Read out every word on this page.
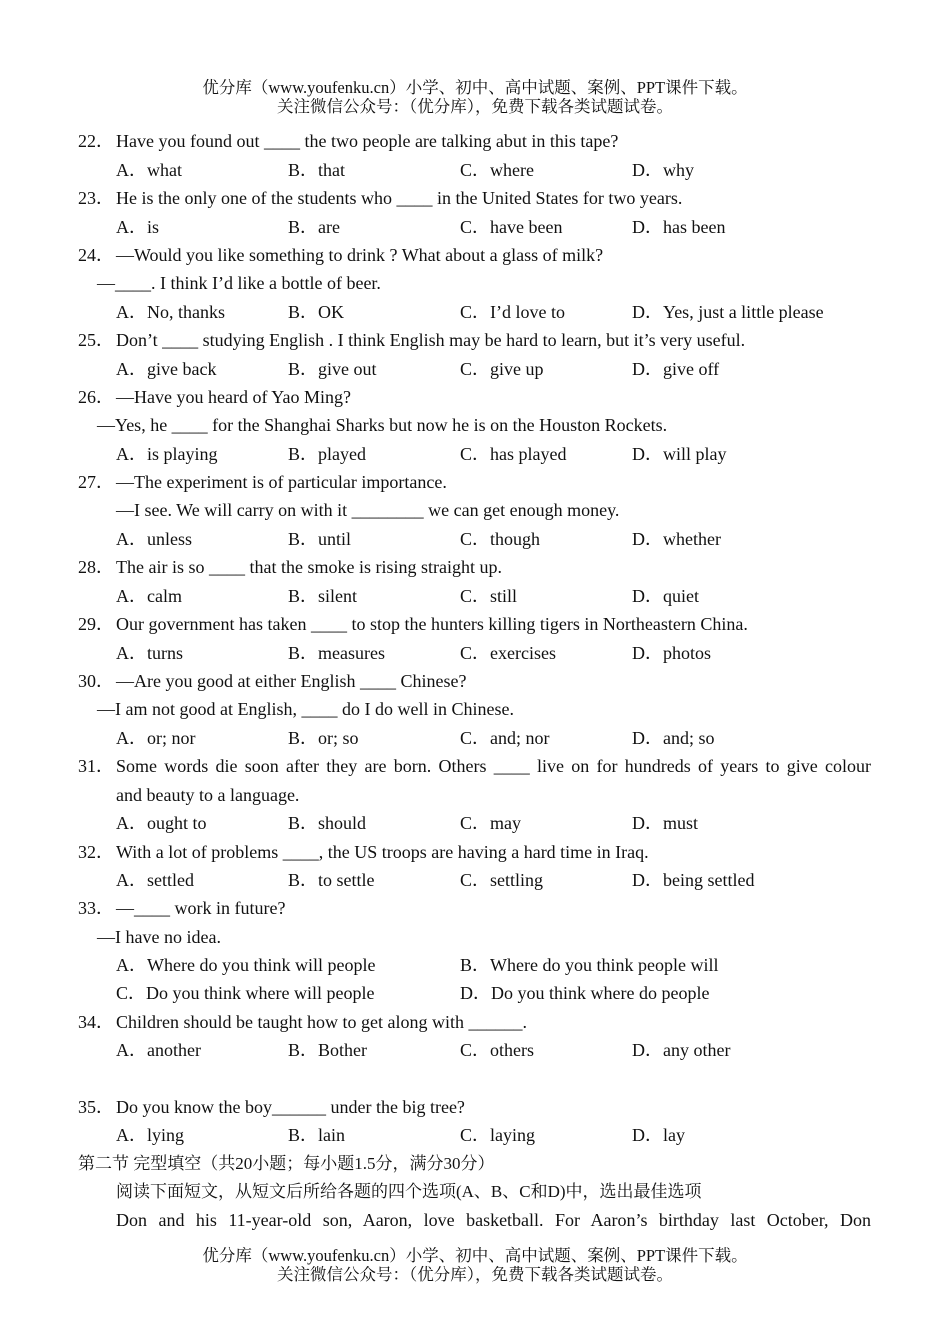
优分库（www.youfenku.cn）小学、初中、高中试题、案例、PPT课件下载。
关注微信公众号：（优分库），免费下载各类试题试卷。
22． Have you found out ____ the two people are talking abut in this tape?
A．what	B．that	C．where	D．why
23． He is the only one of the students who ____ in the United States for two years.
A．is	B．are	C．have been	D．has been
24． —Would you like something to drink ? What about a glass of milk?
—____. I think I’d like a bottle of beer.
A．No, thanks	B．OK	C．I’d love to	D．Yes, just a little please
25． Don’t ____ studying English . I think English may be hard to learn, but it’s very useful.
A．give back	B．give out	C．give up	D．give off
26． —Have you heard of Yao Ming?
—Yes, he ____ for the Shanghai Sharks but now he is on the Houston Rockets.
A．is playing	B．played	C．has played	D．will play
27． —The experiment is of particular importance.
—I see. We will carry on with it ________ we can get enough money.
A．unless	B．until	C．though	D．whether
28． The air is so ____ that the smoke is rising straight up.
A．calm	B．silent	C．still	D．quiet
29． Our government has taken ____ to stop the hunters killing tigers in Northeastern China.
A．turns	B．measures	C．exercises	D．photos
30． —Are you good at either English ____ Chinese?
—I am not good at English, ____ do I do well in Chinese.
A．or; nor	B．or; so	C．and; nor	D．and; so
31． Some words die soon after they are born. Others ____ live on for hundreds of years to give colour
and beauty to a language.
A．ought to	B．should	C．may	D．must
32． With a lot of problems ____, the US troops are having a hard time in Iraq.
A．settled	B．to settle	C．settling	D．being settled
33． —____ work in future?
—I have no idea.
A．Where do you think will people	B．Where do you think people will
C．Do you think where will people	D．Do you think where do people
34． Children should be taught how to get along with ______.
A．another	B．Bother	C．others	D．any other
35． Do you know the boy______ under the big tree?
A．lying	B．lain	C．laying	D．lay
第二节 完型填空（共20小题；每小题1.5分，满分30分）
阅读下面短文，从短文后所给各题的四个选项(A、B、C和D)中，选出最佳选项
Don and his 11-year-old son, Aaron, love basketball. For Aaron’s birthday last October, Don
优分库（www.youfenku.cn）小学、初中、高中试题、案例、PPT课件下载。
关注微信公众号：（优分库），免费下载各类试题试卷。
